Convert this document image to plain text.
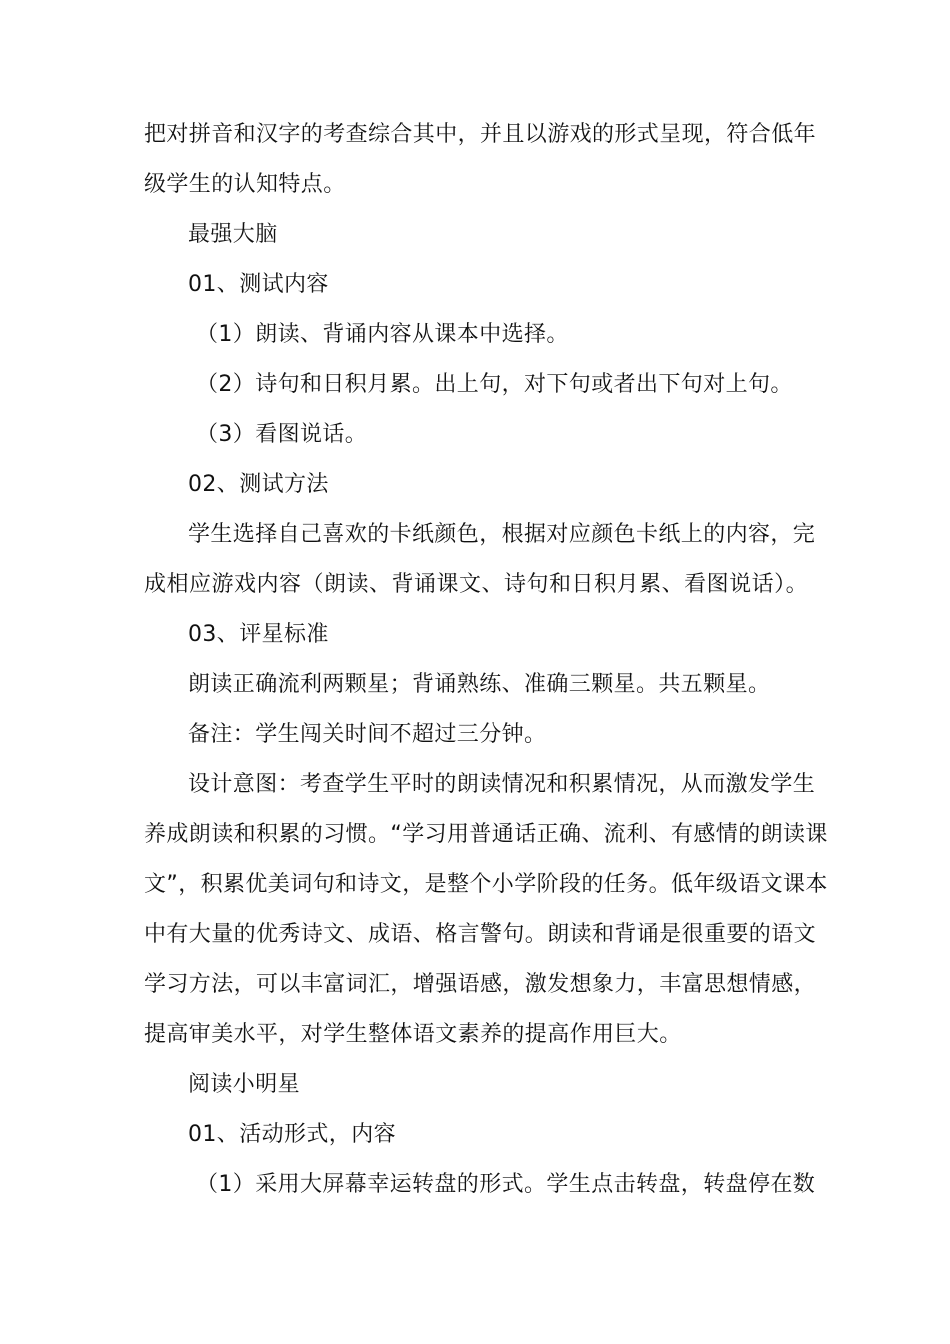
把对拼音和汉字的考查综合其中，并且以游戏的形式呈现，符合低年
级学生的认知特点。
最强大脑
01、测试内容
（1）朗读、背诵内容从课本中选择。
（2）诗句和日积月累。出上句，对下句或者出下句对上句。
（3）看图说话。
02、测试方法
学生选择自己喜欢的卡纸颜色，根据对应颜色卡纸上的内容，完
成相应游戏内容（朗读、背诵课文、诗句和日积月累、看图说话）。
03、评星标准
朗读正确流利两颗星；背诵熟练、准确三颗星。共五颗星。
备注：学生闯关时间不超过三分钟。
设计意图：考查学生平时的朗读情况和积累情况，从而激发学生
养成朗读和积累的习惯。“学习用普通话正确、流利、有感情的朗读课
文”，积累优美词句和诗文，是整个小学阶段的任务。低年级语文课本
中有大量的优秀诗文、成语、格言警句。朗读和背诵是很重要的语文
学习方法，可以丰富词汇，增强语感，激发想象力，丰富思想情感，
提高审美水平，对学生整体语文素养的提高作用巨大。
阅读小明星
01、活动形式，内容
（1）采用大屏幕幸运转盘的形式。学生点击转盘，转盘停在数
